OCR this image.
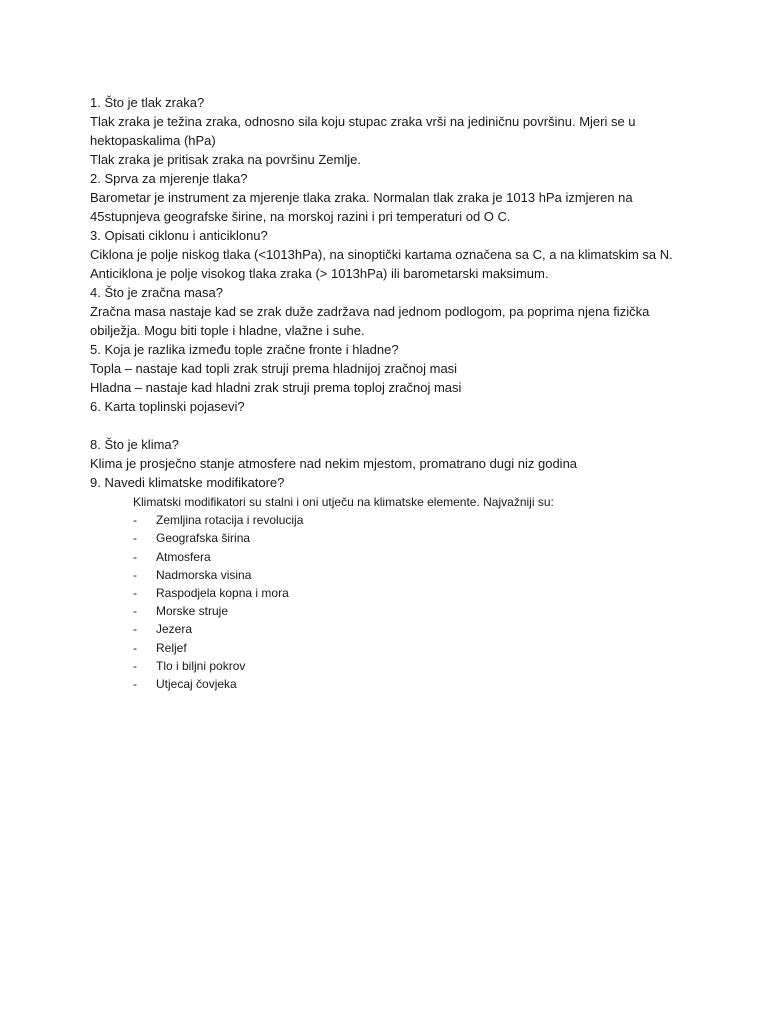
1. Što je tlak zraka?

Tlak zraka je težina zraka, odnosno sila koju stupac zraka vrši na jediničnu površinu. Mjeri se u hektopaskalima (hPa)

Tlak zraka je pritisak zraka na površinu Zemlje.

2. Sprva za mjerenje tlaka?

Barometar je instrument za mjerenje tlaka zraka. Normalan tlak zraka je 1013 hPa izmjeren na 45stupnjeva geografske širine, na morskoj razini i pri temperaturi od O C.

3. Opisati ciklonu i anticiklonu?

Ciklona je polje niskog tlaka (<1013hPa), na sinoptički kartama označena sa C, a na klimatskim sa N.

Anticiklona je polje visokog tlaka zraka (> 1013hPa) ili barometarski maksimum.

4. Što je zračna masa?

Zračna masa nastaje kad se zrak duže zadržava nad jednom podlogom, pa poprima njena fizička obilježja. Mogu biti tople i hladne, vlažne i suhe.

5. Koja je razlika između tople zračne fronte i hladne?

Topla – nastaje kad topli zrak struji prema hladnijoj zračnoj masi

Hladna – nastaje kad hladni zrak struji prema toploj zračnoj masi

6. Karta toplinski pojasevi?

8. Što je klima?

Klima je prosječno stanje atmosfere nad nekim mjestom, promatrano dugi niz godina

9. Navedi klimatske modifikatore?

Klimatski modifikatori su stalni i oni utječu na klimatske elemente. Najvažniji su:

-	Zemljina rotacija i revolucija
-	Geografska širina
-	Atmosfera
-	Nadmorska visina
-	Raspodjela kopna i mora
-	Morske struje
-	Jezera
-	Reljef
-	Tlo i biljni pokrov
-	Utjecaj čovjeka
